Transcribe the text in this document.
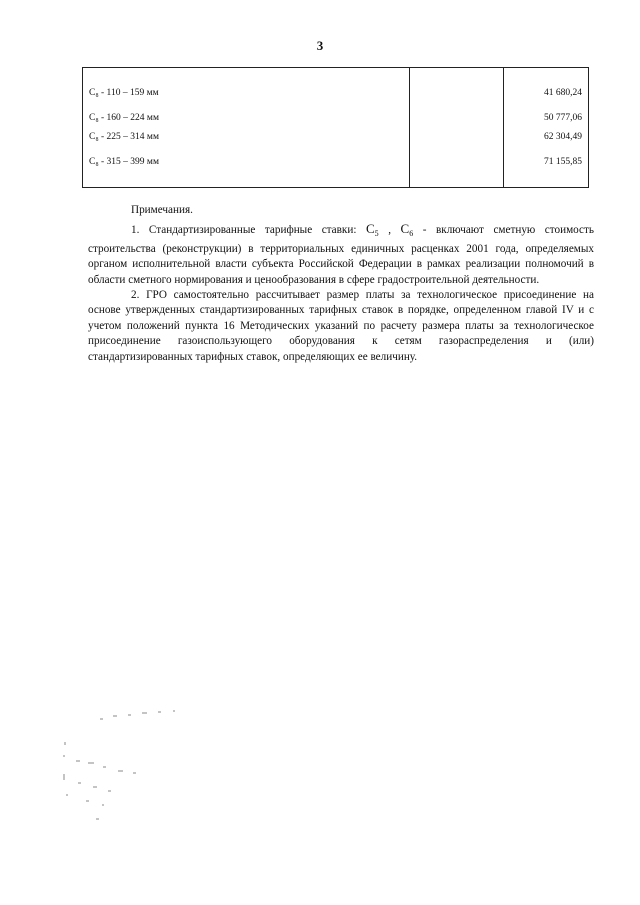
3
C₈ - 110 – 159 мм		41 680,24
C₈ - 160 – 224 мм		50 777,06
C₈ - 225 – 314 мм		62 304,49
C₈ - 315 – 399 мм		71 155,85

Примечания.

1. Стандартизированные тарифные ставки: $C_5$ , $C_6$ - включают сметную стоимость строительства (реконструкции) в территориальных единичных расценках 2001 года, определяемых органом исполнительной власти субъекта Российской Федерации в рамках реализации полномочий в области сметного нормирования и ценообразования в сфере градостроительной деятельности.

2. ГРО самостоятельно рассчитывает размер платы за технологическое присоединение на основе утвержденных стандартизированных тарифных ставок в порядке, определенном главой IV и с учетом положений пункта 16 Методических указаний по расчету размера платы за технологическое присоединение газоиспользующего оборудования к сетям газораспределения и (или) стандартизированных тарифных ставок, определяющих ее величину.
